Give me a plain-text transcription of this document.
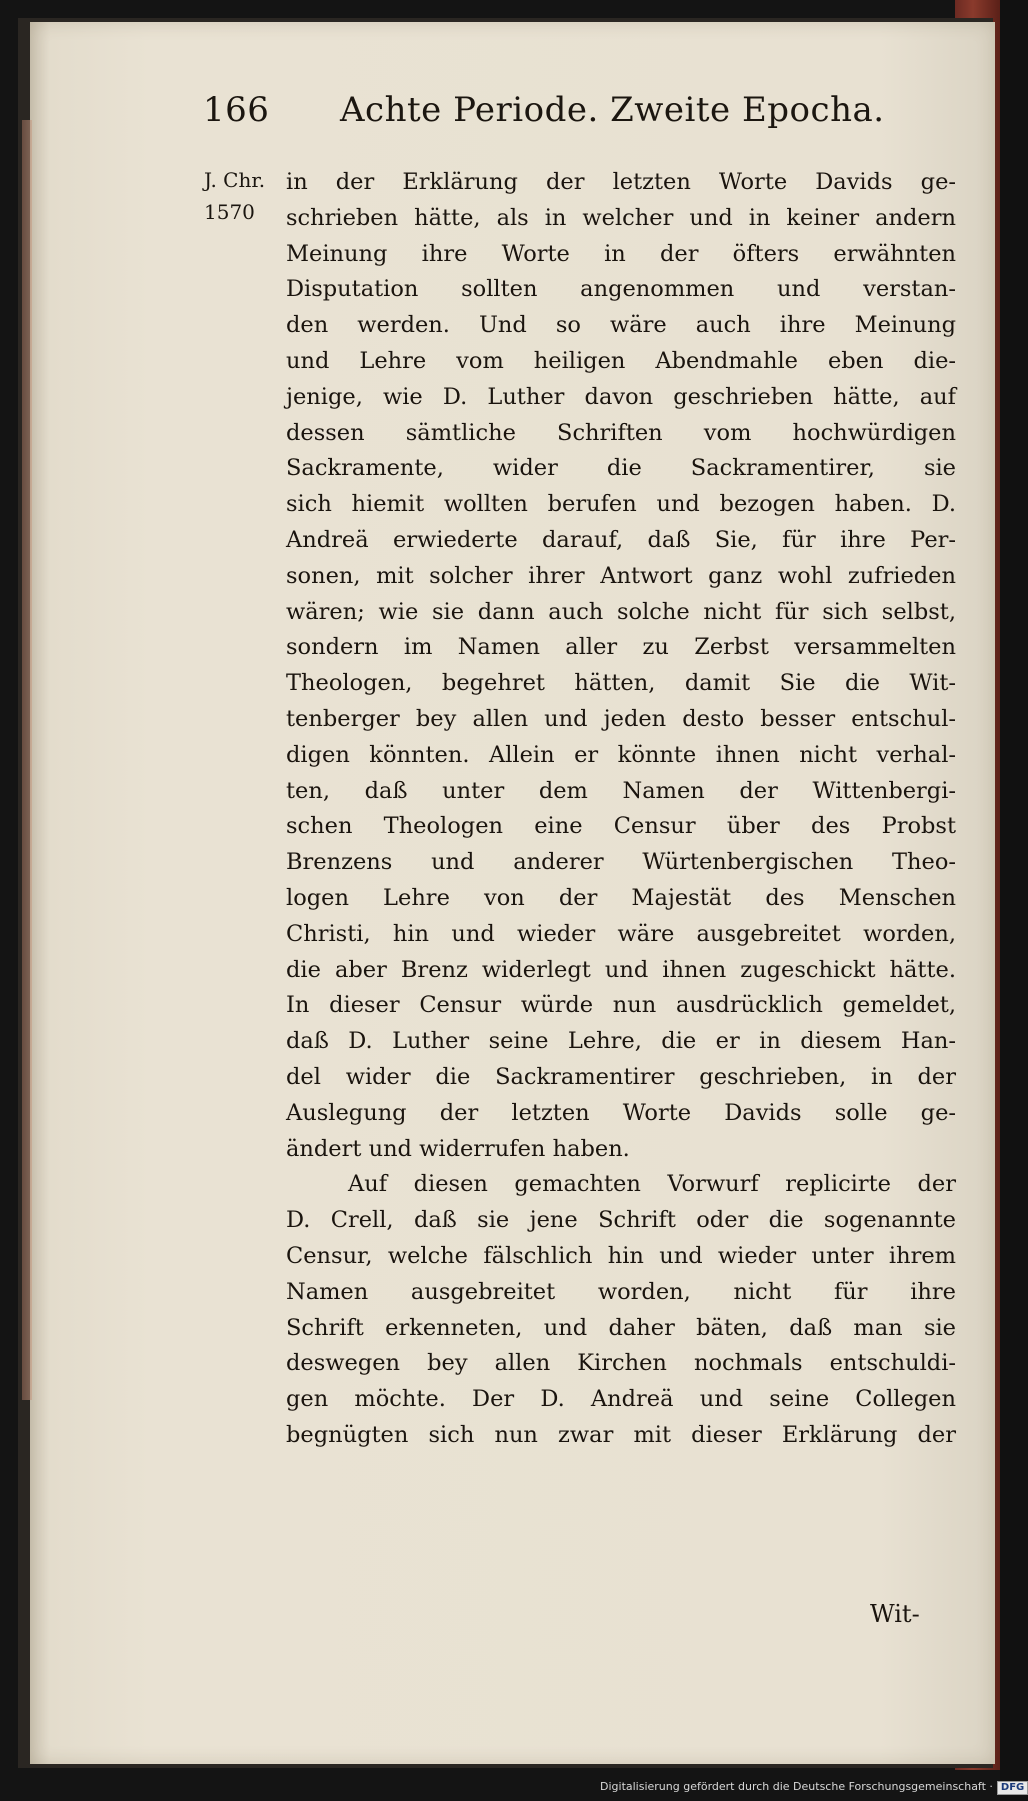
166 Achte Periode. Zweite Epocha.
J. Chr.
1570
in der Erklärung der letzten Worte Davids ge-
schrieben hätte, als in welcher und in keiner andern
Meinung ihre Worte in der öfters erwähnten
Disputation sollten angenommen und verstan-
den werden. Und so wäre auch ihre Meinung
und Lehre vom heiligen Abendmahle eben die-
jenige, wie D. Luther davon geschrieben hätte, auf
dessen sämtliche Schriften vom hochwürdigen
Sackramente, wider die Sackramentirer, sie
sich hiemit wollten berufen und bezogen haben. D.
Andreä erwiederte darauf, daß Sie, für ihre Per-
sonen, mit solcher ihrer Antwort ganz wohl zufrieden
wären; wie sie dann auch solche nicht für sich selbst,
sondern im Namen aller zu Zerbst versammelten
Theologen, begehret hätten, damit Sie die Wit-
tenberger bey allen und jeden desto besser entschul-
digen könnten. Allein er könnte ihnen nicht verhal-
ten, daß unter dem Namen der Wittenbergi-
schen Theologen eine Censur über des Probst
Brenzens und anderer Würtenbergischen Theo-
logen Lehre von der Majestät des Menschen
Christi, hin und wieder wäre ausgebreitet worden,
die aber Brenz widerlegt und ihnen zugeschickt hätte.
In dieser Censur würde nun ausdrücklich gemeldet,
daß D. Luther seine Lehre, die er in diesem Han-
del wider die Sackramentirer geschrieben, in der
Auslegung der letzten Worte Davids solle ge-
ändert und widerrufen haben.
Auf diesen gemachten Vorwurf replicirte der
D. Crell, daß sie jene Schrift oder die sogenannte
Censur, welche fälschlich hin und wieder unter ihrem
Namen ausgebreitet worden, nicht für ihre
Schrift erkenneten, und daher bäten, daß man sie
deswegen bey allen Kirchen nochmals entschuldi-
gen möchte. Der D. Andreä und seine Collegen
begnügten sich nun zwar mit dieser Erklärung der
Wit-
Digitalisierung gefördert durch die Deutsche Forschungsgemeinschaft · DFG
